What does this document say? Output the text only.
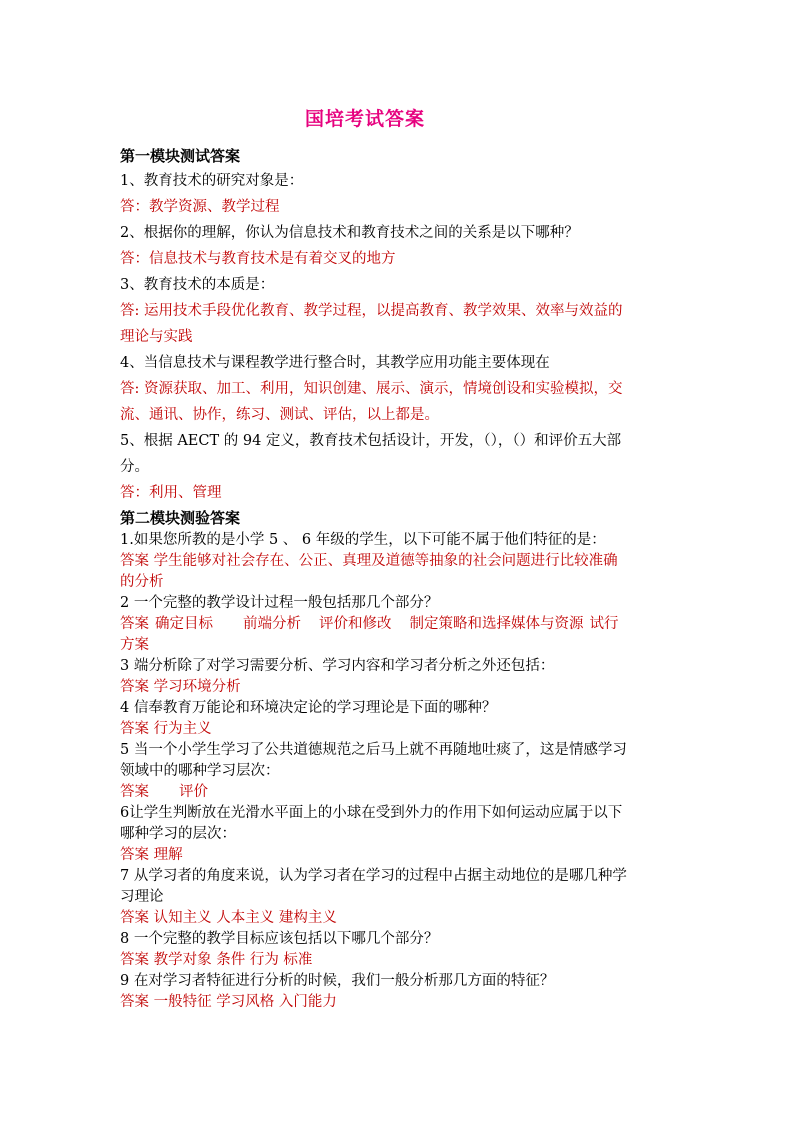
国培考试答案

第一模块测试答案

1、教育技术的研究对象是：

答：教学资源、教学过程

2、根据你的理解，你认为信息技术和教育技术之间的关系是以下哪种？

答：信息技术与教育技术是有着交叉的地方

3、教育技术的本质是：

答: 运用技术手段优化教育、教学过程，以提高教育、教学效果、效率与效益的

理论与实践

4、当信息技术与课程教学进行整合时，其教学应用功能主要体现在

答: 资源获取、加工、利用，知识创建、展示、演示，情境创设和实验模拟，交

流、通讯、协作，练习、测试、评估，以上都是。

5、根据 AECT 的 94 定义，教育技术包括设计，开发，（），（）和评价五大部

分。

答：利用、管理

第二模块测验答案

1.如果您所教的是小学 5 、 6 年级的学生，以下可能不属于他们特征的是：

答案 学生能够对社会存在、公正、真理及道德等抽象的社会问题进行比较准确

的分析

2 一个完整的教学设计过程一般包括那几个部分？

答案 确定目标 前端分析 评价和修改 制定策略和选择媒体与资源 试行

方案

3 端分析除了对学习需要分析、学习内容和学习者分析之外还包括：

答案 学习环境分析

4 信奉教育万能论和环境决定论的学习理论是下面的哪种？

答案 行为主义

5 当一个小学生学习了公共道德规范之后马上就不再随地吐痰了，这是情感学习

领域中的哪种学习层次：

答案 评价

6让学生判断放在光滑水平面上的小球在受到外力的作用下如何运动应属于以下

哪种学习的层次：

答案 理解

7 从学习者的角度来说，认为学习者在学习的过程中占据主动地位的是哪几种学

习理论

答案 认知主义 人本主义 建构主义

8 一个完整的教学目标应该包括以下哪几个部分？

答案 教学对象 条件 行为 标准

9 在对学习者特征进行分析的时候，我们一般分析那几方面的特征？

答案 一般特征 学习风格 入门能力
